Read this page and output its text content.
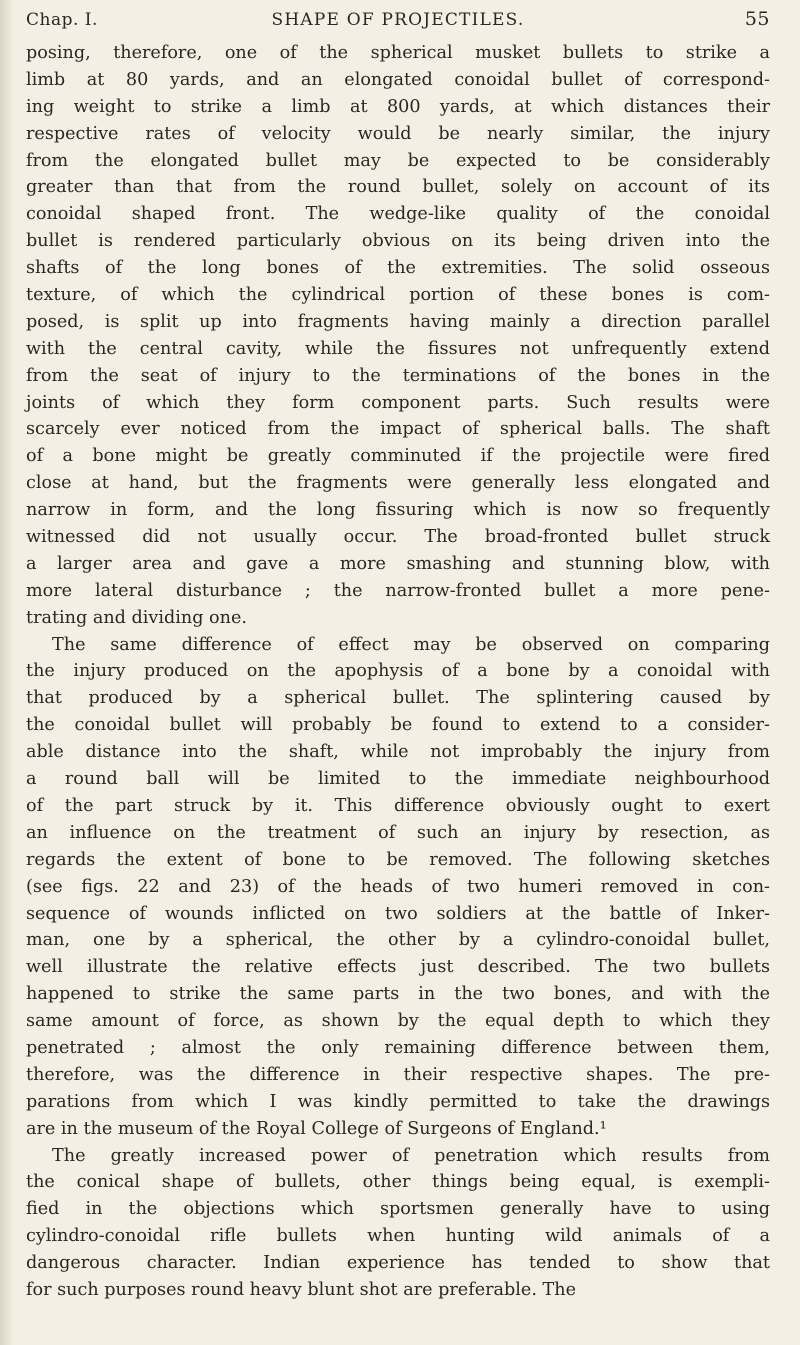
Chap. I.	SHAPE OF PROJECTILES.	55
posing, therefore, one of the spherical musket bullets to strike a
limb at 80 yards, and an elongated conoidal bullet of correspond-
ing weight to strike a limb at 800 yards, at which distances their
respective rates of velocity would be nearly similar, the injury
from the elongated bullet may be expected to be considerably
greater than that from the round bullet, solely on account of its
conoidal shaped front. The wedge-like quality of the conoidal
bullet is rendered particularly obvious on its being driven into the
shafts of the long bones of the extremities. The solid osseous
texture, of which the cylindrical portion of these bones is com-
posed, is split up into fragments having mainly a direction parallel
with the central cavity, while the fissures not unfrequently extend
from the seat of injury to the terminations of the bones in the
joints of which they form component parts. Such results were
scarcely ever noticed from the impact of spherical balls. The shaft
of a bone might be greatly comminuted if the projectile were fired
close at hand, but the fragments were generally less elongated and
narrow in form, and the long fissuring which is now so frequently
witnessed did not usually occur. The broad-fronted bullet struck
a larger area and gave a more smashing and stunning blow, with
more lateral disturbance ; the narrow-fronted bullet a more pene-
trating and dividing one.
The same difference of effect may be observed on comparing
the injury produced on the apophysis of a bone by a conoidal with
that produced by a spherical bullet. The splintering caused by
the conoidal bullet will probably be found to extend to a consider-
able distance into the shaft, while not improbably the injury from
a round ball will be limited to the immediate neighbourhood
of the part struck by it. This difference obviously ought to exert
an influence on the treatment of such an injury by resection, as
regards the extent of bone to be removed. The following sketches
(see figs. 22 and 23) of the heads of two humeri removed in con-
sequence of wounds inflicted on two soldiers at the battle of Inker-
man, one by a spherical, the other by a cylindro-conoidal bullet,
well illustrate the relative effects just described. The two bullets
happened to strike the same parts in the two bones, and with the
same amount of force, as shown by the equal depth to which they
penetrated ; almost the only remaining difference between them,
therefore, was the difference in their respective shapes. The pre-
parations from which I was kindly permitted to take the drawings
are in the museum of the Royal College of Surgeons of England.¹
The greatly increased power of penetration which results from
the conical shape of bullets, other things being equal, is exempli-
fied in the objections which sportsmen generally have to using
cylindro-conoidal rifle bullets when hunting wild animals of a
dangerous character. Indian experience has tended to show that
for such purposes round heavy blunt shot are preferable. The
